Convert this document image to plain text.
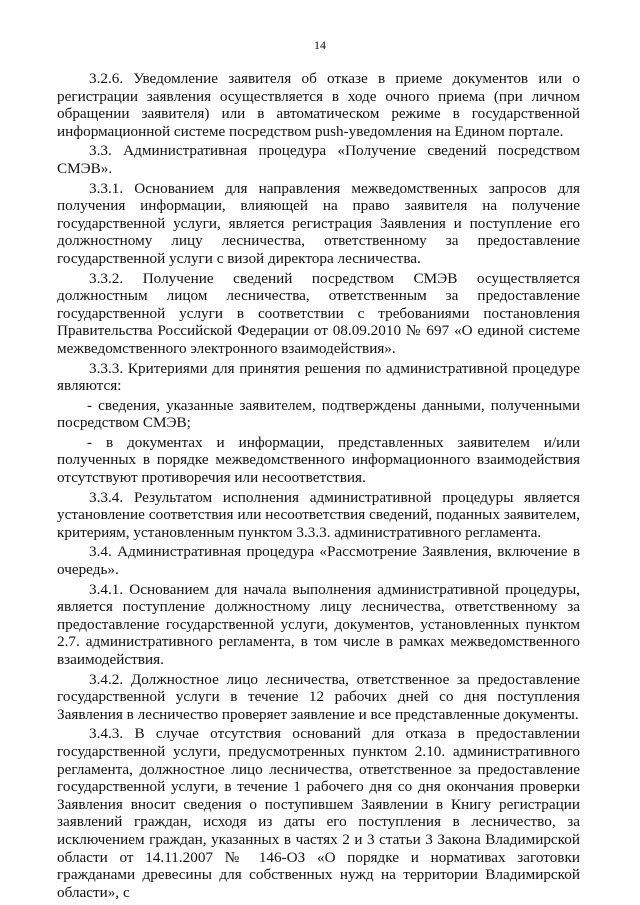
14

3.2.6. Уведомление заявителя об отказе в приеме документов или о регистрации заявления осуществляется в ходе очного приема (при личном обращении заявителя) или в автоматическом режиме в государственной информационной системе посредством push-уведомления на Едином портале.

3.3. Административная процедура «Получение сведений посредством СМЭВ».

3.3.1. Основанием для направления межведомственных запросов для получения информации, влияющей на право заявителя на получение государственной услуги, является регистрация Заявления и поступление его должностному лицу лесничества, ответственному за предоставление государственной услуги с визой директора лесничества.

3.3.2. Получение сведений посредством СМЭВ осуществляется должностным лицом лесничества, ответственным за предоставление государственной услуги в соответствии с требованиями постановления Правительства Российской Федерации от 08.09.2010 № 697 «О единой системе межведомственного электронного взаимодействия».

3.3.3. Критериями для принятия решения по административной процедуре являются:

- сведения, указанные заявителем, подтверждены данными, полученными посредством СМЭВ;

- в документах и информации, представленных заявителем и/или полученных в порядке межведомственного информационного взаимодействия отсутствуют противоречия или несоответствия.

3.3.4. Результатом исполнения административной процедуры является установление соответствия или несоответствия сведений, поданных заявителем, критериям, установленным пунктом 3.3.3. административного регламента.

3.4. Административная процедура «Рассмотрение Заявления, включение в очередь».

3.4.1. Основанием для начала выполнения административной процедуры, является поступление должностному лицу лесничества, ответственному за предоставление государственной услуги, документов, установленных пунктом 2.7. административного регламента, в том числе в рамках межведомственного взаимодействия.

3.4.2. Должностное лицо лесничества, ответственное за предоставление государственной услуги в течение 12 рабочих дней со дня поступления Заявления в лесничество проверяет заявление и все представленные документы.

3.4.3. В случае отсутствия оснований для отказа в предоставлении государственной услуги, предусмотренных пунктом 2.10. административного регламента, должностное лицо лесничества, ответственное за предоставление государственной услуги, в течение 1 рабочего дня со дня окончания проверки Заявления вносит сведения о поступившем Заявлении в Книгу регистрации заявлений граждан, исходя из даты его поступления в лесничество, за исключением граждан, указанных в частях 2 и 3 статьи 3 Закона Владимирской области от 14.11.2007 № 146-ОЗ «О порядке и нормативах заготовки гражданами древесины для собственных нужд на территории Владимирской области», с
